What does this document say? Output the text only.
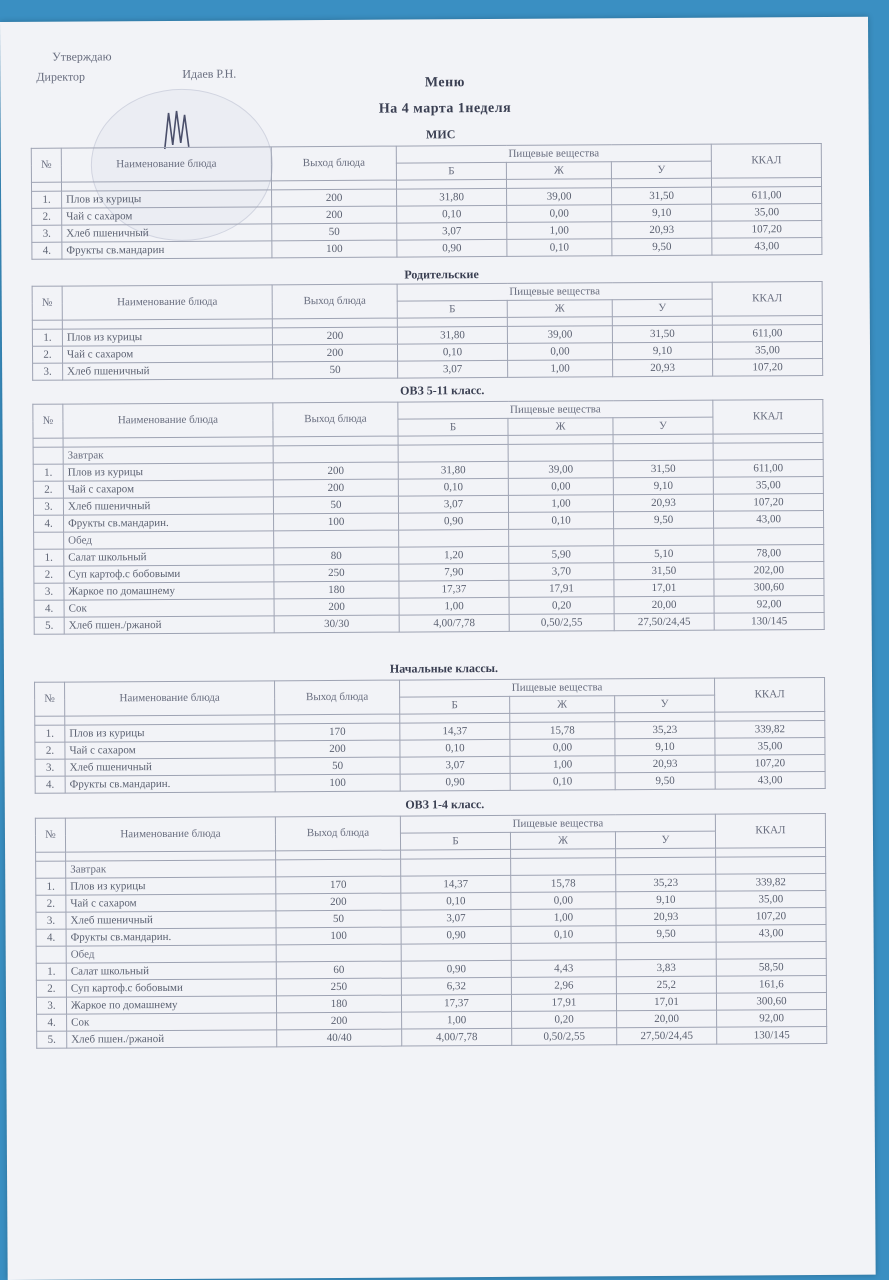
Утверждаю
Директор	Идаев Р.Н.
Меню
На 4 марта 1неделя
МИС
№	Наименование блюда	Выход блюда	Пищевые вещества			ККАЛ
			Б	Ж	У	

1.	Плов из курицы	200	31,80	39,00	31,50	611,00
2.	Чай с сахаром	200	0,10	0,00	9,10	35,00
3.	Хлеб пшеничный	50	3,07	1,00	20,93	107,20
4.	Фрукты св.мандарин	100	0,90	0,10	9,50	43,00
Родительские
№	Наименование блюда	Выход блюда	Пищевые вещества			ККАЛ
			Б	Ж	У	

1.	Плов из курицы	200	31,80	39,00	31,50	611,00
2.	Чай с сахаром	200	0,10	0,00	9,10	35,00
3.	Хлеб пшеничный	50	3,07	1,00	20,93	107,20
ОВЗ 5-11 класс.
№	Наименование блюда	Выход блюда	Пищевые вещества			ККАЛ
			Б	Ж	У	

	Завтрак					
1.	Плов из курицы	200	31,80	39,00	31,50	611,00
2.	Чай с сахаром	200	0,10	0,00	9,10	35,00
3.	Хлеб пшеничный	50	3,07	1,00	20,93	107,20
4.	Фрукты св.мандарин.	100	0,90	0,10	9,50	43,00
	Обед					
1.	Салат школьный	80	1,20	5,90	5,10	78,00
2.	Суп картоф.с бобовыми	250	7,90	3,70	31,50	202,00
3.	Жаркое по домашнему	180	17,37	17,91	17,01	300,60
4.	Сок	200	1,00	0,20	20,00	92,00
5.	Хлеб пшен./ржаной	30/30	4,00/7,78	0,50/2,55	27,50/24,45	130/145
Начальные классы.
№	Наименование блюда	Выход блюда	Пищевые вещества			ККАЛ
			Б	Ж	У	

1.	Плов из курицы	170	14,37	15,78	35,23	339,82
2.	Чай с сахаром	200	0,10	0,00	9,10	35,00
3.	Хлеб пшеничный	50	3,07	1,00	20,93	107,20
4.	Фрукты св.мандарин.	100	0,90	0,10	9,50	43,00
ОВЗ 1-4 класс.
№	Наименование блюда	Выход блюда	Пищевые вещества			ККАЛ
			Б	Ж	У	

	Завтрак					
1.	Плов из курицы	170	14,37	15,78	35,23	339,82
2.	Чай с сахаром	200	0,10	0,00	9,10	35,00
3.	Хлеб пшеничный	50	3,07	1,00	20,93	107,20
4.	Фрукты св.мандарин.	100	0,90	0,10	9,50	43,00
	Обед					
1.	Салат школьный	60	0,90	4,43	3,83	58,50
2.	Суп картоф.с бобовыми	250	6,32	2,96	25,2	161,6
3.	Жаркое по домашнему	180	17,37	17,91	17,01	300,60
4.	Сок	200	1,00	0,20	20,00	92,00
5.	Хлеб пшен./ржаной	40/40	4,00/7,78	0,50/2,55	27,50/24,45	130/145
